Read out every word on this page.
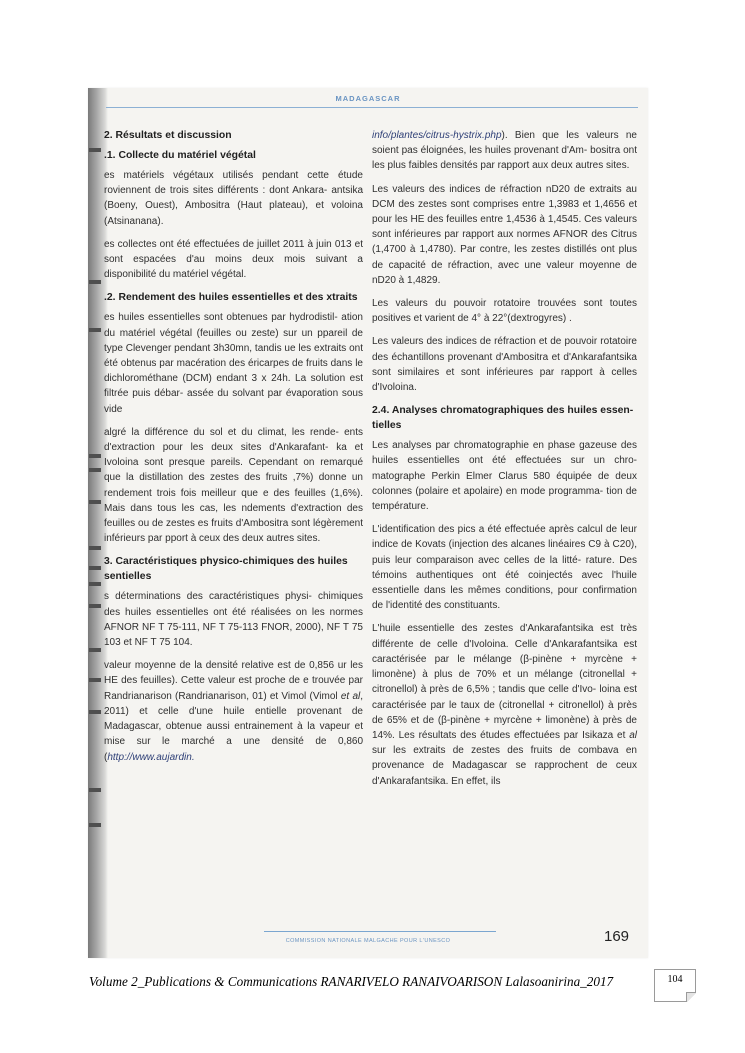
MADAGASCAR
2. Résultats et discussion
.1. Collecte du matériel végétal

es matériels végétaux utilisés pendant cette étude roviennent de trois sites différents : dont Ankara- antsika (Boeny, Ouest), Ambositra (Haut plateau), et voloina (Atsinanana).

es collectes ont été effectuées de juillet 2011 à juin 013 et sont espacées d'au moins deux mois suivant a disponibilité du matériel végétal.

.2. Rendement des huiles essentielles et des xtraits

es huiles essentielles sont obtenues par hydrodistil- ation du matériel végétal (feuilles ou zeste) sur un ppareil de type Clevenger pendant 3h30mn, tandis ue les extraits ont été obtenus par macération des éricarpes de fruits dans le dichlorométhane (DCM) endant 3 x 24h. La solution est filtrée puis débar- assée du solvant par évaporation sous vide

algré la différence du sol et du climat, les rende- ents d'extraction pour les deux sites d'Ankarafant- ka et Ivoloina sont presque pareils. Cependant on remarqué que la distillation des zestes des fruits ,7%) donne un rendement trois fois meilleur que e des feuilles (1,6%). Mais dans tous les cas, les ndements d'extraction des feuilles ou de zestes es fruits d'Ambositra sont légèrement inférieurs par pport à ceux des deux autres sites.

3. Caractéristiques physico-chimiques des huiles sentielles

s déterminations des caractéristiques physi- chimiques des huiles essentielles ont été réalisées on les normes AFNOR NF T 75-111, NF T 75-113 FNOR, 2000), NF T 75 103 et NF T 75 104.

valeur moyenne de la densité relative est de 0,856 ur les HE des feuilles). Cette valeur est proche de e trouvée par Randrianarison (Randrianarison, 01) et Vimol (Vimol et al, 2011) et celle d'une huile entielle provenant de Madagascar, obtenue aussi entrainement à la vapeur et mise sur le marché a une densité de 0,860 (http://www.aujardin.

info/plantes/citrus-hystrix.php). Bien que les valeurs ne soient pas éloignées, les huiles provenant d'Am- bositra ont les plus faibles densités par rapport aux deux autres sites.

Les valeurs des indices de réfraction nD20 de extraits au DCM des zestes sont comprises entre 1,3983 et 1,4656 et pour les HE des feuilles entre 1,4536 à 1,4545. Ces valeurs sont inférieures par rapport aux normes AFNOR des Citrus (1,4700 à 1,4780). Par contre, les zestes distillés ont plus de capacité de réfraction, avec une valeur moyenne de nD20 à 1,4829.

Les valeurs du pouvoir rotatoire trouvées sont toutes positives et varient de 4° à 22°(dextrogyres) .

Les valeurs des indices de réfraction et de pouvoir rotatoire des échantillons provenant d'Ambositra et d'Ankarafantsika sont similaires et sont inférieures par rapport à celles d'Ivoloina.

2.4. Analyses chromatographiques des huiles essen- tielles

Les analyses par chromatographie en phase gazeuse des huiles essentielles ont été effectuées sur un chro- matographe Perkin Elmer Clarus 580 équipée de deux colonnes (polaire et apolaire) en mode programma- tion de température.

L'identification des pics a été effectuée après calcul de leur indice de Kovats (injection des alcanes linéaires C9 à C20), puis leur comparaison avec celles de la litté- rature. Des témoins authentiques ont été coinjectés avec l'huile essentielle dans les mêmes conditions, pour confirmation de l'identité des constituants.

L'huile essentielle des zestes d'Ankarafantsika est très différente de celle d'Ivoloina. Celle d'Ankarafantsika est caractérisée par le mélange (β-pinène + myrcène + limonène) à plus de 70% et un mélange (citronellal + citronellol) à près de 6,5% ; tandis que celle d'Ivo- loina est caractérisée par le taux de (citronellal + citronellol) à près de 65% et de (β-pinène + myrcène + limonène) à près de 14%. Les résultats des études effectuées par Isikaza et al sur les extraits de zestes des fruits de combava en provenance de Madagascar se rapprochent de ceux d'Ankarafantsika. En effet, ils

COMMISSION NATIONALE MALGACHE POUR L'UNESCO	169
Volume 2_Publications & Communications RANARIVELO RANAIVOARISON Lalasoanirina_2017	104
